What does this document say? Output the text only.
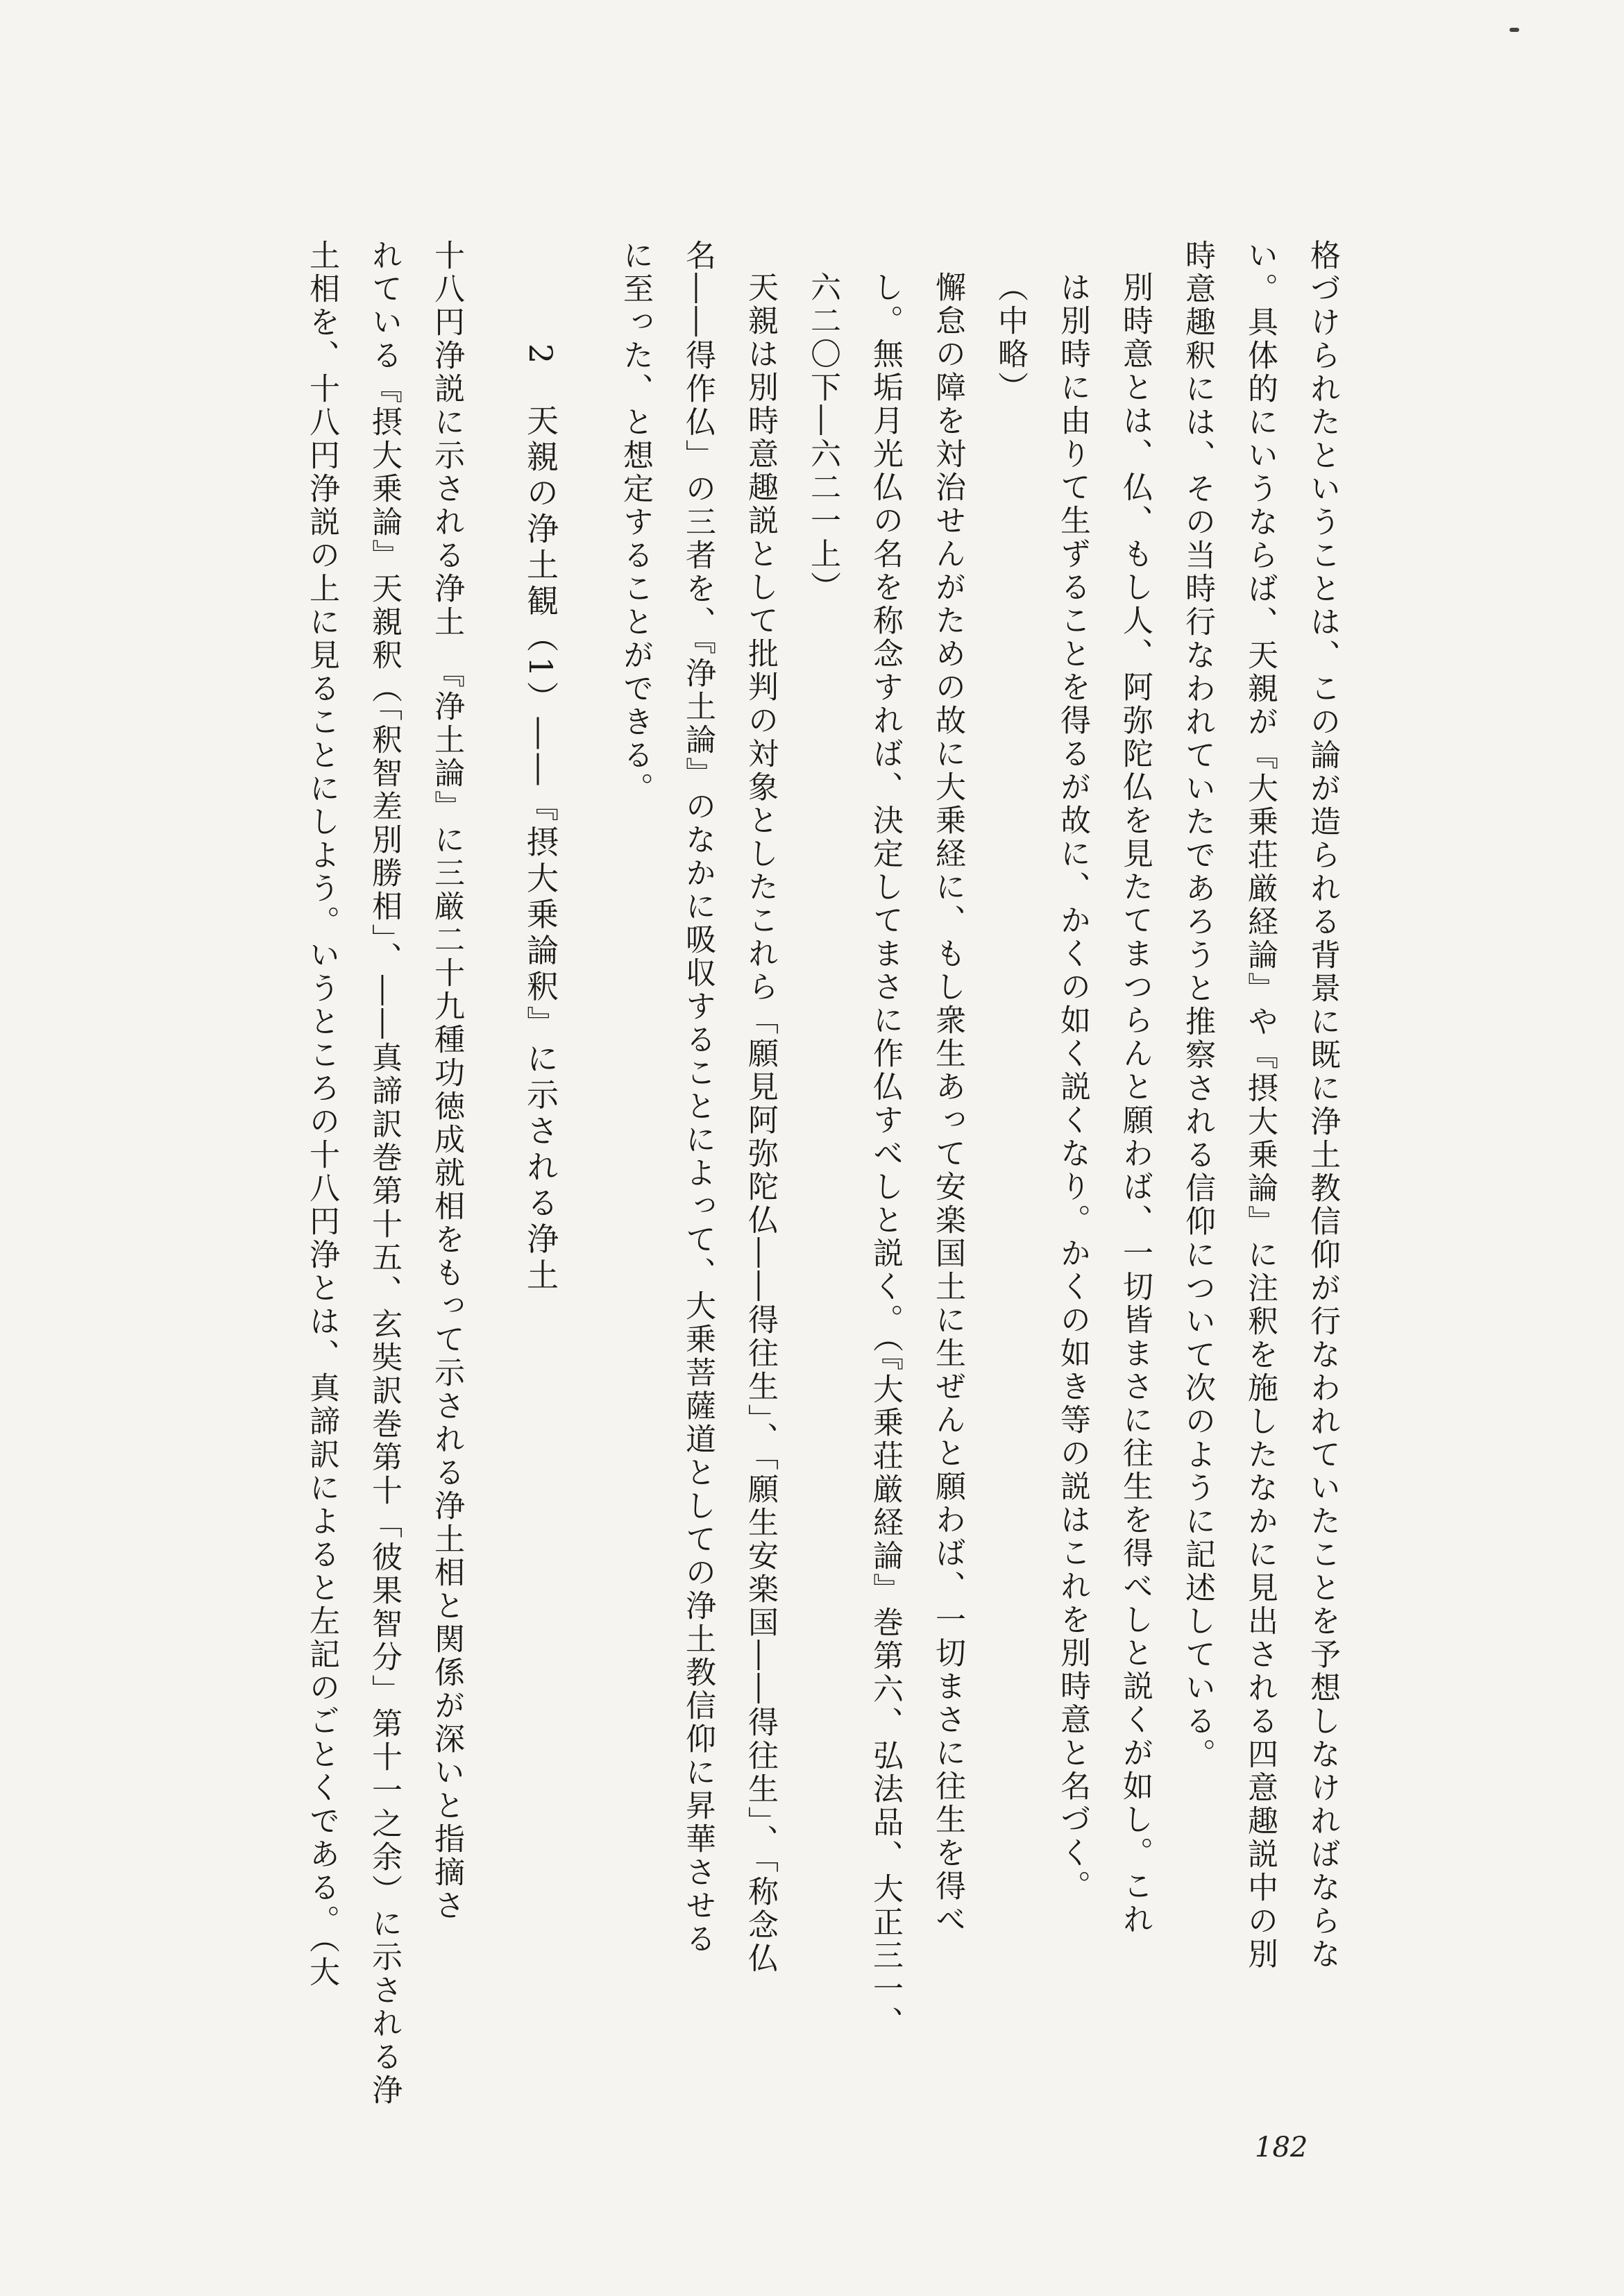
格づけられたということは、この論が造られる背景に既に浄土教信仰が行なわれていたことを予想しなければならな
い。具体的にいうならば、天親が『大乗荘厳経論』や『摂大乗論』に注釈を施したなかに見出される四意趣説中の別
時意趣釈には、その当時行なわれていたであろうと推察される信仰について次のように記述している。
別時意とは、仏、もし人、阿弥陀仏を見たてまつらんと願わば、一切皆まさに往生を得べしと説くが如し。これ
は別時に由りて生ずることを得るが故に、かくの如く説くなり。かくの如き等の説はこれを別時意と名づく。
（中略）
懈怠の障を対治せんがための故に大乗経に、もし衆生あって安楽国土に生ぜんと願わば、一切まさに往生を得べ
し。無垢月光仏の名を称念すれば、決定してまさに作仏すべしと説く。（『大乗荘厳経論』巻第六、弘法品、大正三一、
六二〇下―六二一上）
天親は別時意趣説として批判の対象としたこれら「願見阿弥陀仏――得往生」、「願生安楽国――得往生」、「称念仏
名――得作仏」の三者を、『浄土論』のなかに吸収することによって、大乗菩薩道としての浄土教信仰に昇華させる
に至った、と想定することができる。
2　天親の浄土観（1）――『摂大乗論釈』に示される浄土
十八円浄説に示される浄土　『浄土論』に三厳二十九種功徳成就相をもって示される浄土相と関係が深いと指摘さ
れている『摂大乗論』天親釈（「釈智差別勝相」、――真諦訳巻第十五、玄奘訳巻第十「彼果智分」第十一之余）に示される浄
土相を、十八円浄説の上に見ることにしよう。いうところの十八円浄とは、真諦訳によると左記のごとくである。（大
182
